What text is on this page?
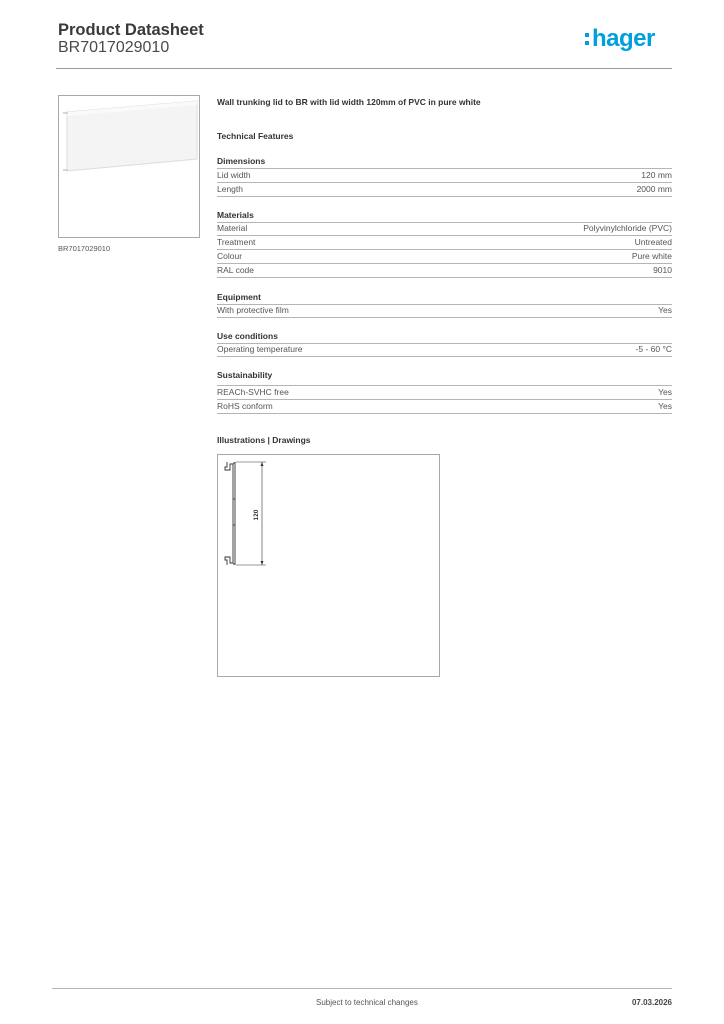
Product Datasheet
BR7017029010	hager
BR7017029010
Wall trunking lid to BR with lid width 120mm of PVC in pure white
Technical Features
Dimensions
Lid width	120 mm
Length	2000 mm
Materials
Material	Polyvinylchloride (PVC)
Treatment	Untreated
Colour	Pure white
RAL code	9010
Equipment
With protective film	Yes
Use conditions
Operating temperature	-5 - 60 °C
Sustainability
REACh-SVHC free	Yes
RoHS conform	Yes
Illustrations | Drawings
120
Subject to technical changes	07.03.2026
